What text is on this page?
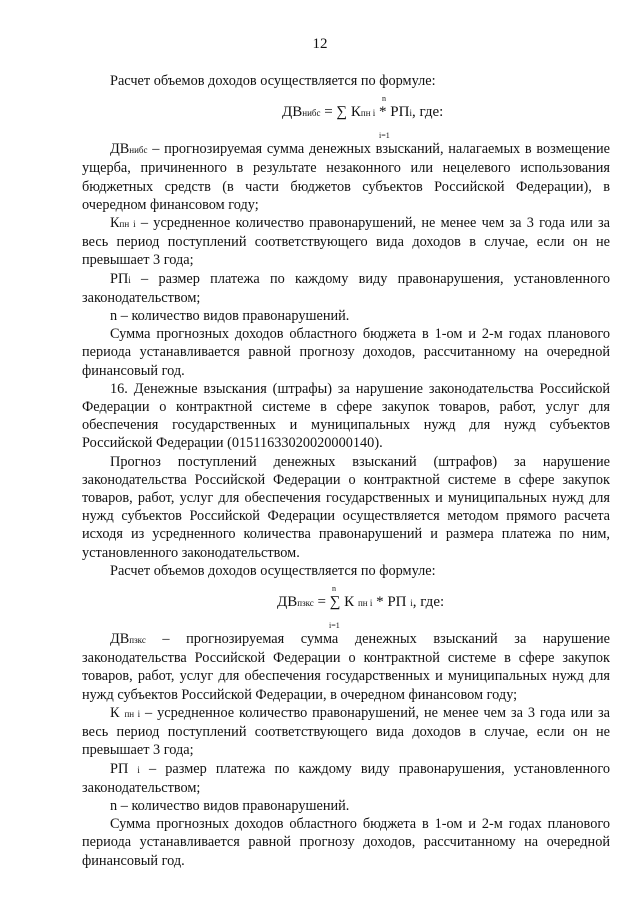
12

Расчет объемов доходов осуществляется по формуле:

n
ДВнибс = ∑ Кпн i * РПi, где:
i=1

ДВнибс – прогнозируемая сумма денежных взысканий, налагаемых в возмещение ущерба, причиненного в результате незаконного или нецелевого использования бюджетных средств (в части бюджетов субъектов Российской Федерации), в очередном финансовом году;

Кпн i – усредненное количество правонарушений, не менее чем за 3 года или за весь период поступлений соответствующего вида доходов в случае, если он не превышает 3 года;

РПi – размер платежа по каждому виду правонарушения, установленного законодательством;

n – количество видов правонарушений.

Сумма прогнозных доходов областного бюджета в 1-ом и 2-м годах планового периода устанавливается равной прогнозу доходов, рассчитанному на очередной финансовый год.

16. Денежные взыскания (штрафы) за нарушение законодательства Российской Федерации о контрактной системе в сфере закупок товаров, работ, услуг для обеспечения государственных и муниципальных нужд для нужд субъектов Российской Федерации (01511633020020000140).

Прогноз поступлений денежных взысканий (штрафов) за нарушение законодательства Российской Федерации о контрактной системе в сфере закупок товаров, работ, услуг для обеспечения государственных и муниципальных нужд для нужд субъектов Российской Федерации осуществляется методом прямого расчета исходя из усредненного количества правонарушений и размера платежа по ним, установленного законодательством.

Расчет объемов доходов осуществляется по формуле:

n
ДВпзкс = ∑ К пн i * РП i, где:
i=1

ДВпзкс – прогнозируемая сумма денежных взысканий за нарушение законодательства Российской Федерации о контрактной системе в сфере закупок товаров, работ, услуг для обеспечения государственных и муниципальных нужд для нужд субъектов Российской Федерации, в очередном финансовом году;

К пн i – усредненное количество правонарушений, не менее чем за 3 года или за весь период поступлений соответствующего вида доходов в случае, если он не превышает 3 года;

РП i – размер платежа по каждому виду правонарушения, установленного законодательством;

n – количество видов правонарушений.

Сумма прогнозных доходов областного бюджета в 1-ом и 2-м годах планового периода устанавливается равной прогнозу доходов, рассчитанному на очередной финансовый год.
